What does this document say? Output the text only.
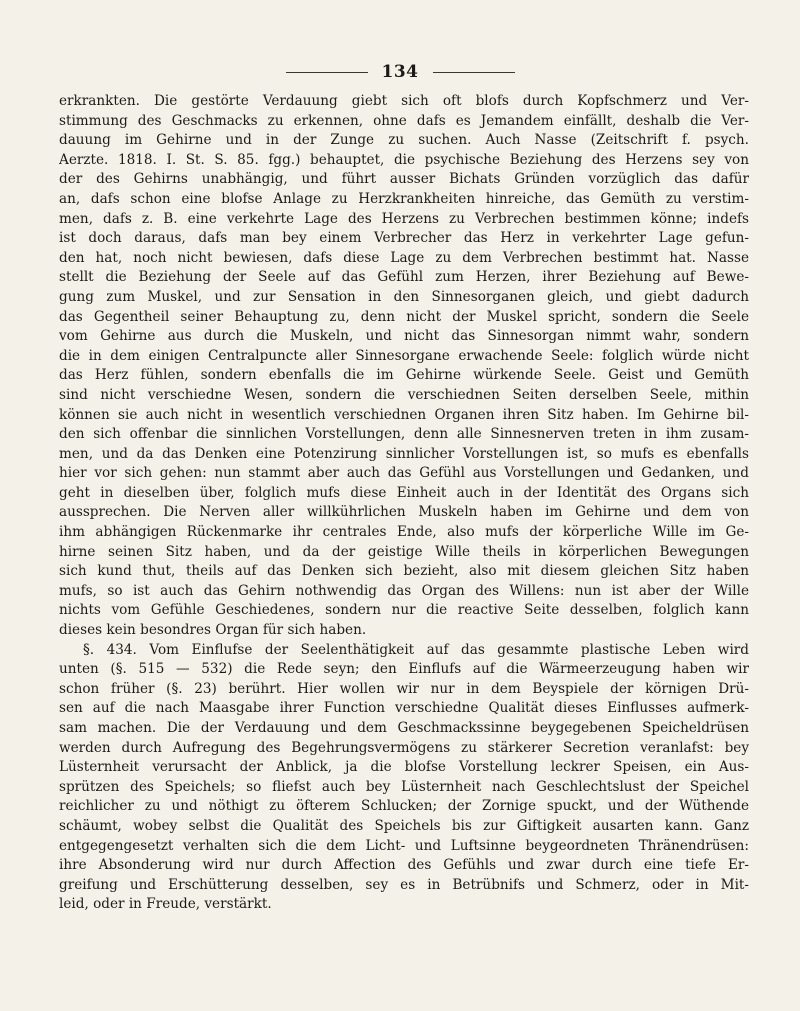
134
erkrankten. Die gestörte Verdauung giebt sich oft blofs durch Kopfschmerz und Ver-
stimmung des Geschmacks zu erkennen, ohne dafs es Jemandem einfällt, deshalb die Ver-
dauung im Gehirne und in der Zunge zu suchen. Auch Nasse (Zeitschrift f. psych.
Aerzte. 1818. I. St. S. 85. fgg.) behauptet, die psychische Beziehung des Herzens sey von
der des Gehirns unabhängig, und führt ausser Bichats Gründen vorzüglich das dafür
an, dafs schon eine blofse Anlage zu Herzkrankheiten hinreiche, das Gemüth zu verstim-
men, dafs z. B. eine verkehrte Lage des Herzens zu Verbrechen bestimmen könne; indefs
ist doch daraus, dafs man bey einem Verbrecher das Herz in verkehrter Lage gefun-
den hat, noch nicht bewiesen, dafs diese Lage zu dem Verbrechen bestimmt hat. Nasse
stellt die Beziehung der Seele auf das Gefühl zum Herzen, ihrer Beziehung auf Bewe-
gung zum Muskel, und zur Sensation in den Sinnesorganen gleich, und giebt dadurch
das Gegentheil seiner Behauptung zu, denn nicht der Muskel spricht, sondern die Seele
vom Gehirne aus durch die Muskeln, und nicht das Sinnesorgan nimmt wahr, sondern
die in dem einigen Centralpuncte aller Sinnesorgane erwachende Seele: folglich würde nicht
das Herz fühlen, sondern ebenfalls die im Gehirne würkende Seele. Geist und Gemüth
sind nicht verschiedne Wesen, sondern die verschiednen Seiten derselben Seele, mithin
können sie auch nicht in wesentlich verschiednen Organen ihren Sitz haben. Im Gehirne bil-
den sich offenbar die sinnlichen Vorstellungen, denn alle Sinnesnerven treten in ihm zusam-
men, und da das Denken eine Potenzirung sinnlicher Vorstellungen ist, so mufs es ebenfalls
hier vor sich gehen: nun stammt aber auch das Gefühl aus Vorstellungen und Gedanken, und
geht in dieselben über, folglich mufs diese Einheit auch in der Identität des Organs sich
aussprechen. Die Nerven aller willkührlichen Muskeln haben im Gehirne und dem von
ihm abhängigen Rückenmarke ihr centrales Ende, also mufs der körperliche Wille im Ge-
hirne seinen Sitz haben, und da der geistige Wille theils in körperlichen Bewegungen
sich kund thut, theils auf das Denken sich bezieht, also mit diesem gleichen Sitz haben
mufs, so ist auch das Gehirn nothwendig das Organ des Willens: nun ist aber der Wille
nichts vom Gefühle Geschiedenes, sondern nur die reactive Seite desselben, folglich kann
dieses kein besondres Organ für sich haben.
§. 434. Vom Einflufse der Seelenthätigkeit auf das gesammte plastische Leben wird
unten (§. 515 — 532) die Rede seyn; den Einflufs auf die Wärmeerzeugung haben wir
schon früher (§. 23) berührt. Hier wollen wir nur in dem Beyspiele der körnigen Drü-
sen auf die nach Maasgabe ihrer Function verschiedne Qualität dieses Einflusses aufmerk-
sam machen. Die der Verdauung und dem Geschmackssinne beygegebenen Speicheldrüsen
werden durch Aufregung des Begehrungsvermögens zu stärkerer Secretion veranlafst: bey
Lüsternheit verursacht der Anblick, ja die blofse Vorstellung leckrer Speisen, ein Aus-
sprützen des Speichels; so fliefst auch bey Lüsternheit nach Geschlechtslust der Speichel
reichlicher zu und nöthigt zu öfterem Schlucken; der Zornige spuckt, und der Wüthende
schäumt, wobey selbst die Qualität des Speichels bis zur Giftigkeit ausarten kann. Ganz
entgegengesetzt verhalten sich die dem Licht- und Luftsinne beygeordneten Thränendrüsen:
ihre Absonderung wird nur durch Affection des Gefühls und zwar durch eine tiefe Er-
greifung und Erschütterung desselben, sey es in Betrübnifs und Schmerz, oder in Mit-
leid, oder in Freude, verstärkt.
